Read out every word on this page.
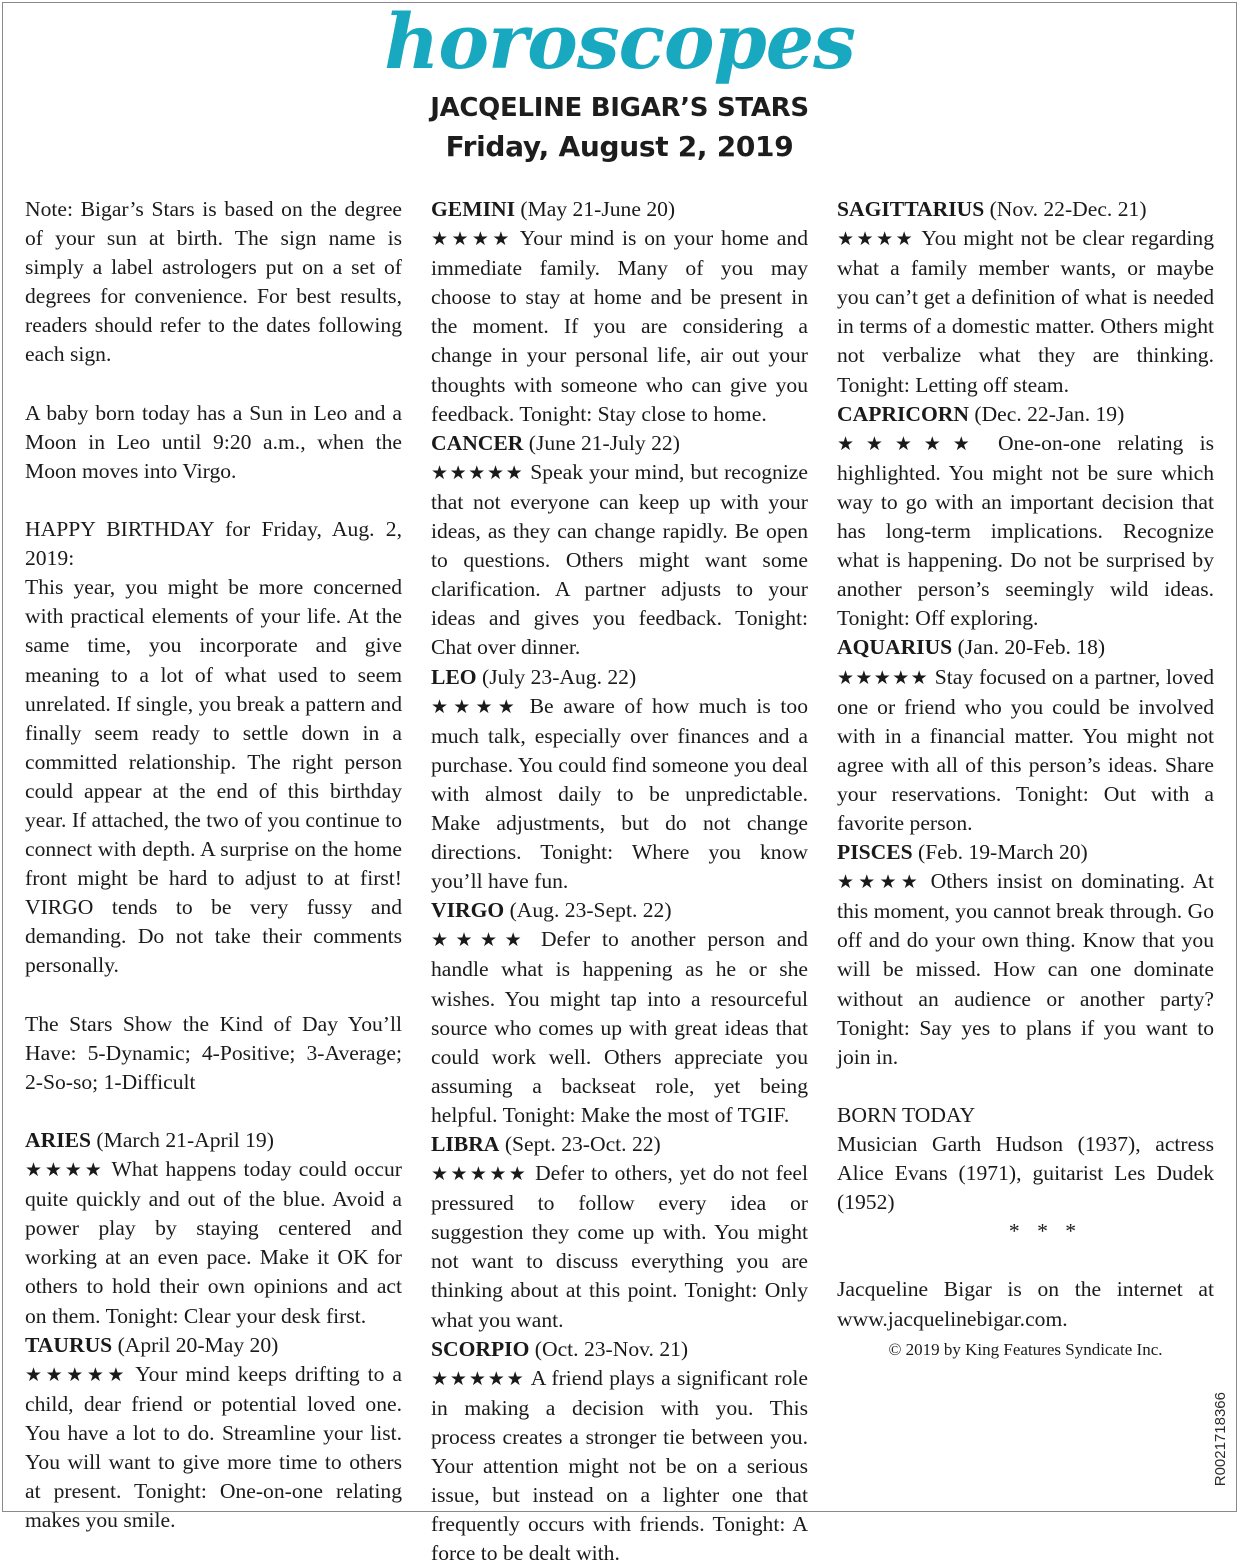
horoscopes
JACQELINE BIGAR’S STARS
Friday, August 2, 2019

Note: Bigar’s Stars is based on the degree of your sun at birth. The sign name is simply a label astrologers put on a set of degrees for convenience. For best results, readers should refer to the dates following each sign.

A baby born today has a Sun in Leo and a Moon in Leo until 9:20 a.m., when the Moon moves into Virgo.

HAPPY BIRTHDAY for Friday, Aug. 2, 2019:

This year, you might be more concerned with practical elements of your life. At the same time, you incorporate and give meaning to a lot of what used to seem unrelated. If single, you break a pattern and finally seem ready to settle down in a committed relationship. The right person could appear at the end of this birthday year. If attached, the two of you continue to connect with depth. A surprise on the home front might be hard to adjust to at first! VIRGO tends to be very fussy and demanding. Do not take their comments personally.

The Stars Show the Kind of Day You’ll Have: 5-Dynamic; 4-Positive; 3-Average; 2-So-so; 1-Difficult

ARIES (March 21-April 19)
★★★★ What happens today could occur quite quickly and out of the blue. Avoid a power play by staying centered and working at an even pace. Make it OK for others to hold their own opinions and act on them. Tonight: Clear your desk first.

TAURUS (April 20-May 20)
★★★★★ Your mind keeps drifting to a child, dear friend or potential loved one. You have a lot to do. Streamline your list. You will want to give more time to others at present. Tonight: One-on-one relating makes you smile.

GEMINI (May 21-June 20)
★★★★ Your mind is on your home and immediate family. Many of you may choose to stay at home and be present in the moment. If you are considering a change in your personal life, air out your thoughts with someone who can give you feedback. Tonight: Stay close to home.

CANCER (June 21-July 22)
★★★★★ Speak your mind, but recognize that not everyone can keep up with your ideas, as they can change rapidly. Be open to questions. Others might want some clarification. A partner adjusts to your ideas and gives you feedback. Tonight: Chat over dinner.

LEO (July 23-Aug. 22)
★★★★ Be aware of how much is too much talk, especially over finances and a purchase. You could find someone you deal with almost daily to be unpredictable. Make adjustments, but do not change directions. Tonight: Where you know you’ll have fun.

VIRGO (Aug. 23-Sept. 22)
★★★★ Defer to another person and handle what is happening as he or she wishes. You might tap into a resourceful source who comes up with great ideas that could work well. Others appreciate you assuming a backseat role, yet being helpful. Tonight: Make the most of TGIF.

LIBRA (Sept. 23-Oct. 22)
★★★★★ Defer to others, yet do not feel pressured to follow every idea or suggestion they come up with. You might not want to discuss everything you are thinking about at this point. Tonight: Only what you want.

SCORPIO (Oct. 23-Nov. 21)
★★★★★ A friend plays a significant role in making a decision with you. This process creates a stronger tie between you. Your attention might not be on a serious issue, but instead on a lighter one that frequently occurs with friends. Tonight: A force to be dealt with.

SAGITTARIUS (Nov. 22-Dec. 21)
★★★★ You might not be clear regarding what a family member wants, or maybe you can’t get a definition of what is needed in terms of a domestic matter. Others might not verbalize what they are thinking. Tonight: Letting off steam.

CAPRICORN (Dec. 22-Jan. 19)
★★★★★ One-on-one relating is highlighted. You might not be sure which way to go with an important decision that has long-term implications. Recognize what is happening. Do not be surprised by another person’s seemingly wild ideas. Tonight: Off exploring.

AQUARIUS (Jan. 20-Feb. 18)
★★★★★ Stay focused on a partner, loved one or friend who you could be involved with in a financial matter. You might not agree with all of this person’s ideas. Share your reservations. Tonight: Out with a favorite person.

PISCES (Feb. 19-March 20)
★★★★ Others insist on dominating. At this moment, you cannot break through. Go off and do your own thing. Know that you will be missed. How can one dominate without an audience or another party? Tonight: Say yes to plans if you want to join in.

BORN TODAY

Musician Garth Hudson (1937), actress Alice Evans (1971), guitarist Les Dudek (1952)

* * *

Jacqueline Bigar is on the internet at www.jacquelinebigar.com.

© 2019 by King Features Syndicate Inc.

R0021718366
